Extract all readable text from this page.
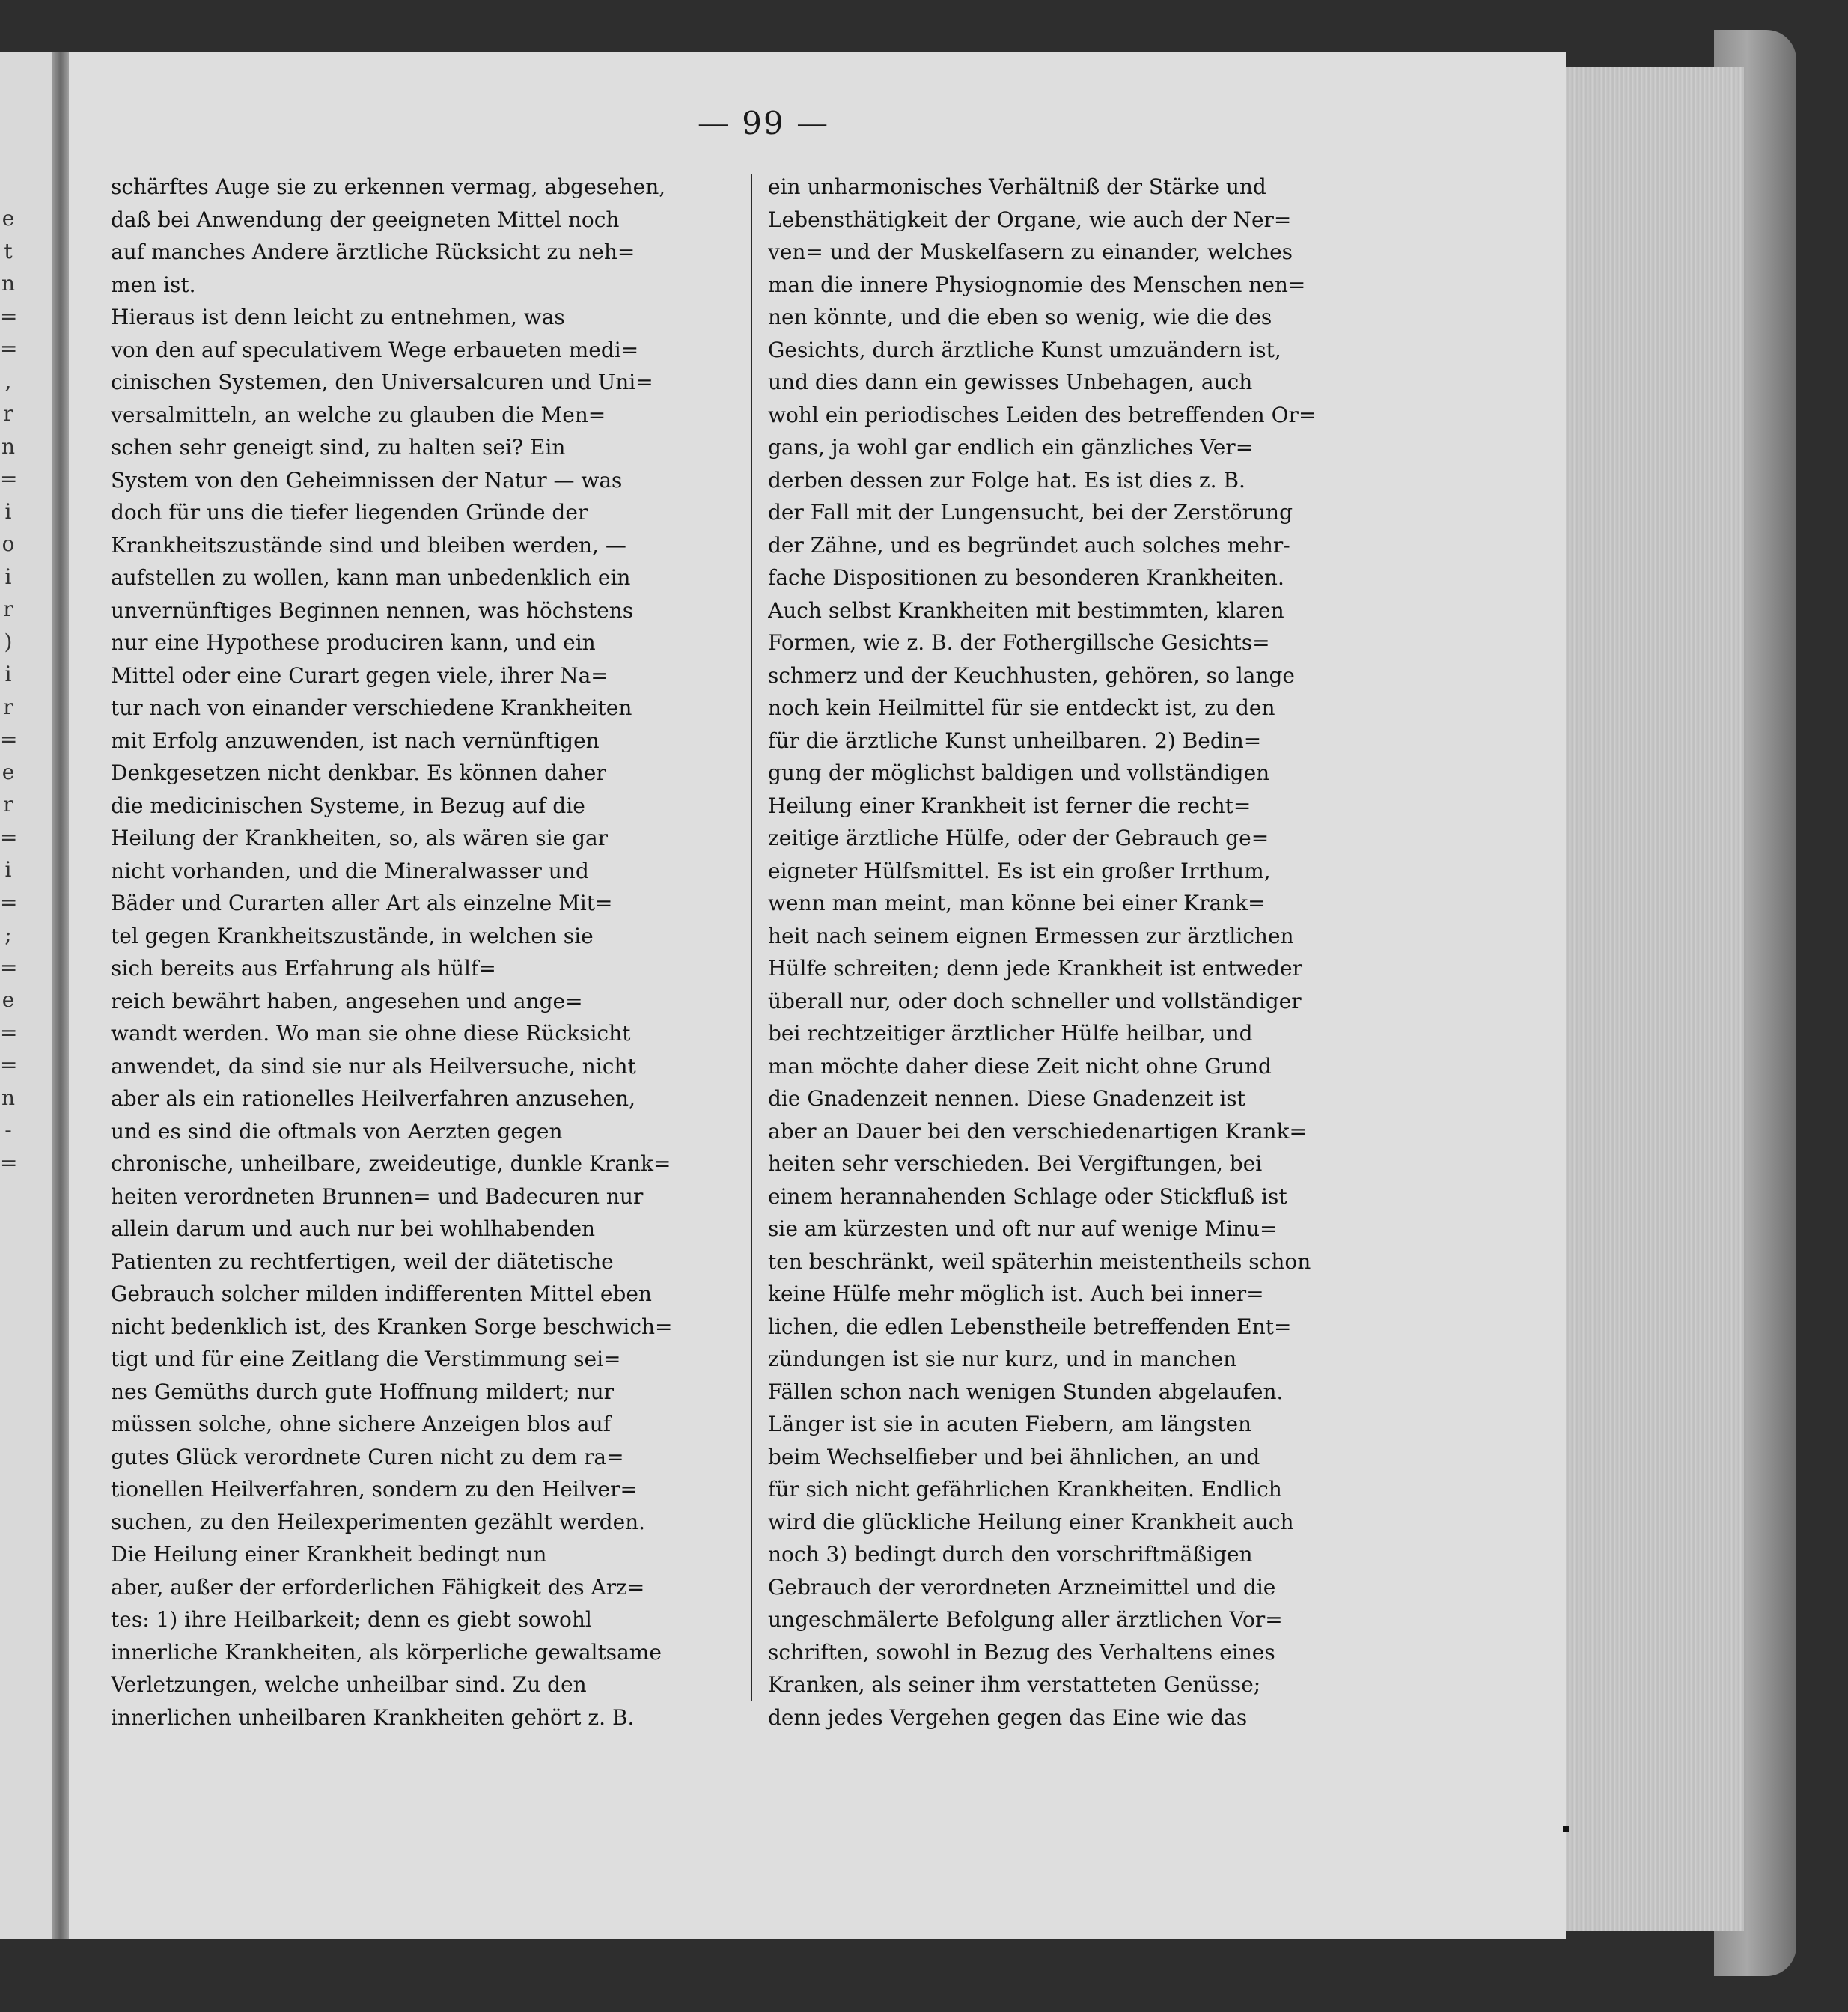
e
t
n
=
=
,
r
n
=
i
o
i
r
)
i
r
=
e
r
=
i
=
;
=
e
=
=
n
-
=
— 99 —
schärftes Auge sie zu erkennen vermag, abgesehen,
daß bei Anwendung der geeigneten Mittel noch
auf manches Andere ärztliche Rücksicht zu neh=
men ist.
Hieraus ist denn leicht zu entnehmen, was
von den auf speculativem Wege erbaueten medi=
cinischen Systemen, den Universalcuren und Uni=
versalmitteln, an welche zu glauben die Men=
schen sehr geneigt sind, zu halten sei? Ein
System von den Geheimnissen der Natur — was
doch für uns die tiefer liegenden Gründe der
Krankheitszustände sind und bleiben werden, —
aufstellen zu wollen, kann man unbedenklich ein
unvernünftiges Beginnen nennen, was höchstens
nur eine Hypothese produciren kann, und ein
Mittel oder eine Curart gegen viele, ihrer Na=
tur nach von einander verschiedene Krankheiten
mit Erfolg anzuwenden, ist nach vernünftigen
Denkgesetzen nicht denkbar. Es können daher
die medicinischen Systeme, in Bezug auf die
Heilung der Krankheiten, so, als wären sie gar
nicht vorhanden, und die Mineralwasser und
Bäder und Curarten aller Art als einzelne Mit=
tel gegen Krankheitszustände, in welchen sie
sich bereits aus Erfahrung als hülf=
reich bewährt haben, angesehen und ange=
wandt werden. Wo man sie ohne diese Rücksicht
anwendet, da sind sie nur als Heilversuche, nicht
aber als ein rationelles Heilverfahren anzusehen,
und es sind die oftmals von Aerzten gegen
chronische, unheilbare, zweideutige, dunkle Krank=
heiten verordneten Brunnen= und Badecuren nur
allein darum und auch nur bei wohlhabenden
Patienten zu rechtfertigen, weil der diätetische
Gebrauch solcher milden indifferenten Mittel eben
nicht bedenklich ist, des Kranken Sorge beschwich=
tigt und für eine Zeitlang die Verstimmung sei=
nes Gemüths durch gute Hoffnung mildert; nur
müssen solche, ohne sichere Anzeigen blos auf
gutes Glück verordnete Curen nicht zu dem ra=
tionellen Heilverfahren, sondern zu den Heilver=
suchen, zu den Heilexperimenten gezählt werden.
Die Heilung einer Krankheit bedingt nun
aber, außer der erforderlichen Fähigkeit des Arz=
tes: 1) ihre Heilbarkeit; denn es giebt sowohl
innerliche Krankheiten, als körperliche gewaltsame
Verletzungen, welche unheilbar sind. Zu den
innerlichen unheilbaren Krankheiten gehört z. B.
ein unharmonisches Verhältniß der Stärke und
Lebensthätigkeit der Organe, wie auch der Ner=
ven= und der Muskelfasern zu einander, welches
man die innere Physiognomie des Menschen nen=
nen könnte, und die eben so wenig, wie die des
Gesichts, durch ärztliche Kunst umzuändern ist,
und dies dann ein gewisses Unbehagen, auch
wohl ein periodisches Leiden des betreffenden Or=
gans, ja wohl gar endlich ein gänzliches Ver=
derben dessen zur Folge hat. Es ist dies z. B.
der Fall mit der Lungensucht, bei der Zerstörung
der Zähne, und es begründet auch solches mehr-
fache Dispositionen zu besonderen Krankheiten.
Auch selbst Krankheiten mit bestimmten, klaren
Formen, wie z. B. der Fothergillsche Gesichts=
schmerz und der Keuchhusten, gehören, so lange
noch kein Heilmittel für sie entdeckt ist, zu den
für die ärztliche Kunst unheilbaren. 2) Bedin=
gung der möglichst baldigen und vollständigen
Heilung einer Krankheit ist ferner die recht=
zeitige ärztliche Hülfe, oder der Gebrauch ge=
eigneter Hülfsmittel. Es ist ein großer Irrthum,
wenn man meint, man könne bei einer Krank=
heit nach seinem eignen Ermessen zur ärztlichen
Hülfe schreiten; denn jede Krankheit ist entweder
überall nur, oder doch schneller und vollständiger
bei rechtzeitiger ärztlicher Hülfe heilbar, und
man möchte daher diese Zeit nicht ohne Grund
die Gnadenzeit nennen. Diese Gnadenzeit ist
aber an Dauer bei den verschiedenartigen Krank=
heiten sehr verschieden. Bei Vergiftungen, bei
einem herannahenden Schlage oder Stickfluß ist
sie am kürzesten und oft nur auf wenige Minu=
ten beschränkt, weil späterhin meistentheils schon
keine Hülfe mehr möglich ist. Auch bei inner=
lichen, die edlen Lebenstheile betreffenden Ent=
zündungen ist sie nur kurz, und in manchen
Fällen schon nach wenigen Stunden abgelaufen.
Länger ist sie in acuten Fiebern, am längsten
beim Wechselfieber und bei ähnlichen, an und
für sich nicht gefährlichen Krankheiten. Endlich
wird die glückliche Heilung einer Krankheit auch
noch 3) bedingt durch den vorschriftmäßigen
Gebrauch der verordneten Arzneimittel und die
ungeschmälerte Befolgung aller ärztlichen Vor=
schriften, sowohl in Bezug des Verhaltens eines
Kranken, als seiner ihm verstatteten Genüsse;
denn jedes Vergehen gegen das Eine wie das
